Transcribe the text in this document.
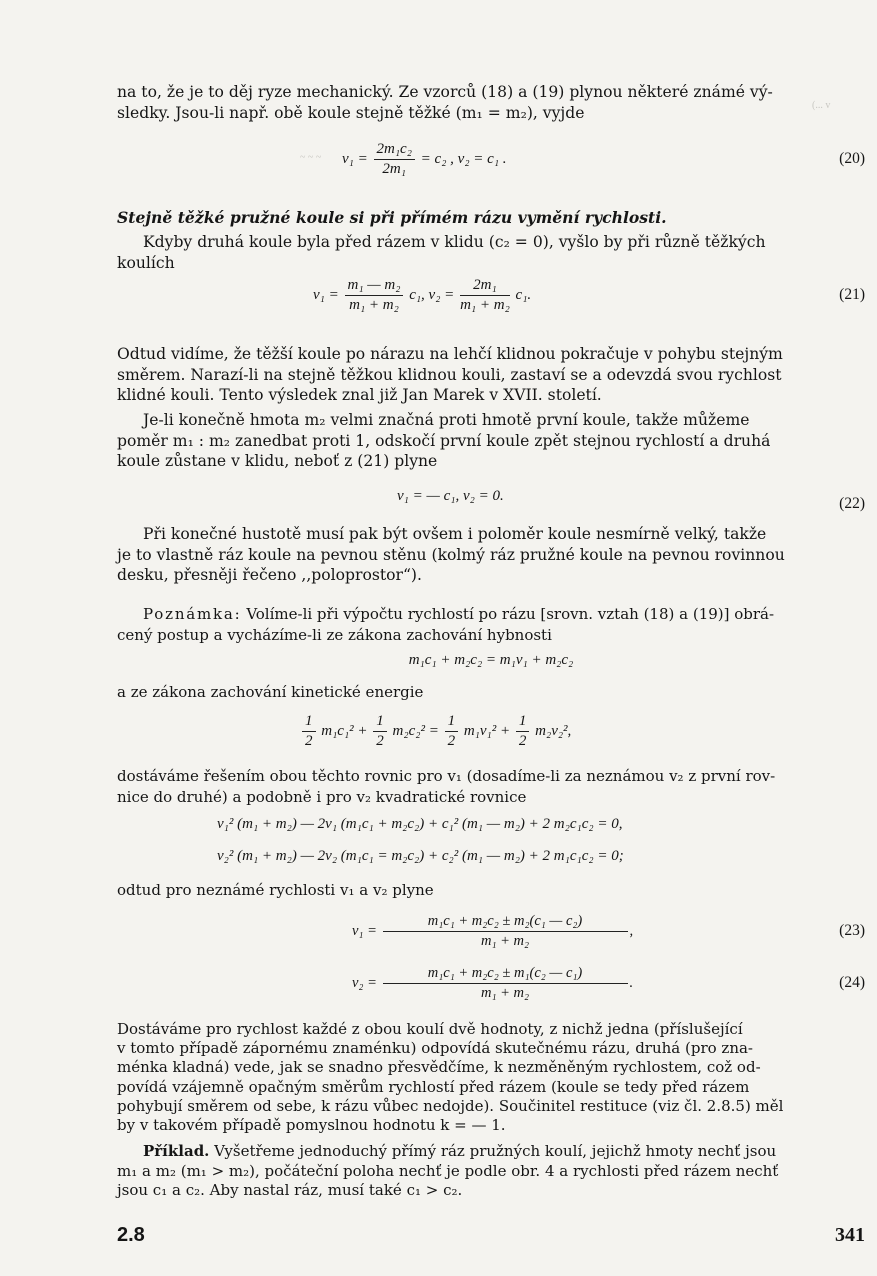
(... v
~ ~ ~

na to, že je to děj ryze mechanický. Ze vzorců (18) a (19) plynou některé známé vý-
sledky. Jsou-li např. obě koule stejně těžké (m₁ = m₂), vyjde

$v_1 = \frac{\text{2m₁c₂}}{\text{2m₁}} = c_2$ , v₂ = c₁ .	(20)

Stejně těžké pružné koule si při přímém rázu vymění rychlosti.

Kdyby druhá koule byla před rázem v klidu (c₂ = 0), vyšlo by při různě těžkých
koulích

$v_1 = \frac{\text{m₁ — m₂}}{\text{m₁ + m₂}} c_1$, $v_2 = \frac{\text{2m₁}}{\text{m₁ + m₂}} c_1$.	(21)

Odtud vidíme, že těžší koule po nárazu na lehčí klidnou pokračuje v pohybu stejným
směrem. Narazí-li na stejně těžkou klidnou kouli, zastaví se a odevzdá svou rychlost
klidné kouli. Tento výsledek znal již Jan Marek v XVII. století.

Je-li konečně hmota m₂ velmi značná proti hmotě první koule, takže můžeme
poměr m₁ : m₂ zanedbat proti 1, odskočí první koule zpět stejnou rychlostí a druhá
koule zůstane v klidu, neboť z (21) plyne

v₁ = — c₁, v₂ = 0.	(22)

Při konečné hustotě musí pak být ovšem i poloměr koule nesmírně velký, takže
je to vlastně ráz koule na pevnou stěnu (kolmý ráz pružné koule na pevnou rovinnou
desku, přesněji řečeno ,,poloprostor“).

Poznámka: Volíme-li při výpočtu rychlostí po rázu [srovn. vztah (18) a (19)] obrá-
cený postup a vycházíme-li ze zákona zachování hybnosti

m₁c₁ + m₂c₂ = m₁v₁ + m₂c₂

a ze zákona zachování kinetické energie

$\frac{1}{2} m_1c_1^2 + \frac{1}{2} m_2c_2^2 = \frac{1}{2} m_1v_1^2 + \frac{1}{2} m_2v_2^2$,

dostáváme řešením obou těchto rovnic pro v₁ (dosadíme-li za neznámou v₂ z první rov-
nice do druhé) a podobně i pro v₂ kvadratické rovnice

v₁² (m₁ + m₂) — 2v₁ (m₁c₁ + m₂c₂) + c₁² (m₁ — m₂) + 2 m₂c₁c₂ = 0,
v₂² (m₁ + m₂) — 2v₂ (m₁c₁ = m₂c₂) + c₂² (m₁ — m₂) + 2 m₁c₁c₂ = 0;

odtud pro neznámé rychlosti v₁ a v₂ plyne

$v_1 = \frac{\text{m₁c₁ + m₂c₂ ± m₂(c₁ — c₂)}}{\text{m₁ + m₂}}$ ,	(23)
$v_2 = \frac{\text{m₁c₁ + m₂c₂ ± m₁(c₂ — c₁)}}{\text{m₁ + m₂}}$ .	(24)

Dostáváme pro rychlost každé z obou koulí dvě hodnoty, z nichž jedna (příslušející
v tomto případě zápornému znaménku) odpovídá skutečnému rázu, druhá (pro zna-
ménka kladná) vede, jak se snadno přesvědčíme, k nezměněným rychlostem, což od-
povídá vzájemně opačným směrům rychlostí před rázem (koule se tedy před rázem
pohybují směrem od sebe, k rázu vůbec nedojde). Součinitel restituce (viz čl. 2.8.5) měl
by v takovém případě pomyslnou hodnotu k = — 1.

Příklad. Vyšetřeme jednoduchý přímý ráz pružných koulí, jejichž hmoty nechť jsou
m₁ a m₂ (m₁ > m₂), počáteční poloha nechť je podle obr. 4 a rychlosti před rázem nechť
jsou c₁ a c₂. Aby nastal ráz, musí také c₁ > c₂.

2.8	341
